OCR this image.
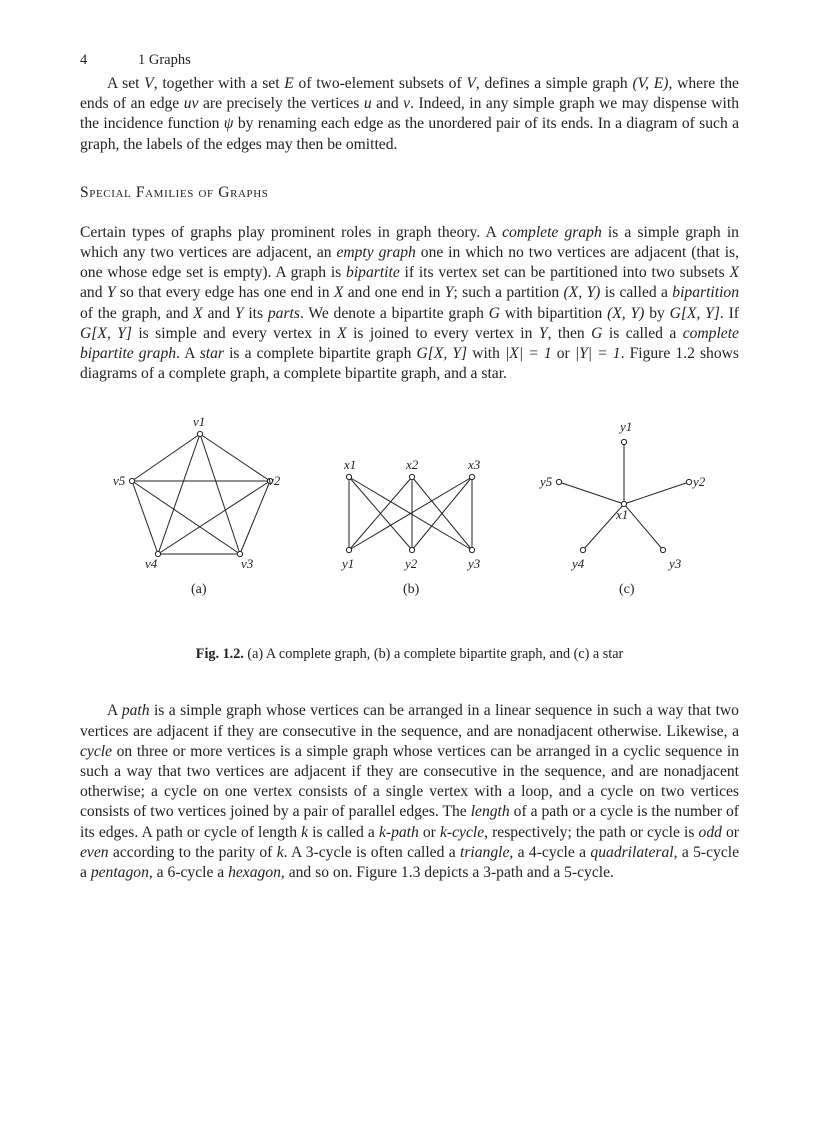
4	1 Graphs

A set V, together with a set E of two-element subsets of V, defines a simple graph (V, E), where the ends of an edge uv are precisely the vertices u and v. Indeed, in any simple graph we may dispense with the incidence function ψ by renaming each edge as the unordered pair of its ends. In a diagram of such a graph, the labels of the edges may then be omitted.

Special Families of Graphs

Certain types of graphs play prominent roles in graph theory. A complete graph is a simple graph in which any two vertices are adjacent, an empty graph one in which no two vertices are adjacent (that is, one whose edge set is empty). A graph is bipartite if its vertex set can be partitioned into two subsets X and Y so that every edge has one end in X and one end in Y; such a partition (X, Y) is called a bipartition of the graph, and X and Y its parts. We denote a bipartite graph G with bipartition (X, Y) by G[X, Y]. If G[X, Y] is simple and every vertex in X is joined to every vertex in Y, then G is called a complete bipartite graph. A star is a complete bipartite graph G[X, Y] with |X| = 1 or |Y| = 1. Figure 1.2 shows diagrams of a complete graph, a complete bipartite graph, and a star.

v1
v2
v3
v4
v5
(a)
x1	x2	x3
y1	y2	y3
(b)
x1
y1
y2
y3
y4
y5
(c)
Fig. 1.2. (a) A complete graph, (b) a complete bipartite graph, and (c) a star

A path is a simple graph whose vertices can be arranged in a linear sequence in such a way that two vertices are adjacent if they are consecutive in the sequence, and are nonadjacent otherwise. Likewise, a cycle on three or more vertices is a simple graph whose vertices can be arranged in a cyclic sequence in such a way that two vertices are adjacent if they are consecutive in the sequence, and are nonadjacent otherwise; a cycle on one vertex consists of a single vertex with a loop, and a cycle on two vertices consists of two vertices joined by a pair of parallel edges. The length of a path or a cycle is the number of its edges. A path or cycle of length k is called a k-path or k-cycle, respectively; the path or cycle is odd or even according to the parity of k. A 3-cycle is often called a triangle, a 4-cycle a quadrilateral, a 5-cycle a pentagon, a 6-cycle a hexagon, and so on. Figure 1.3 depicts a 3-path and a 5-cycle.
